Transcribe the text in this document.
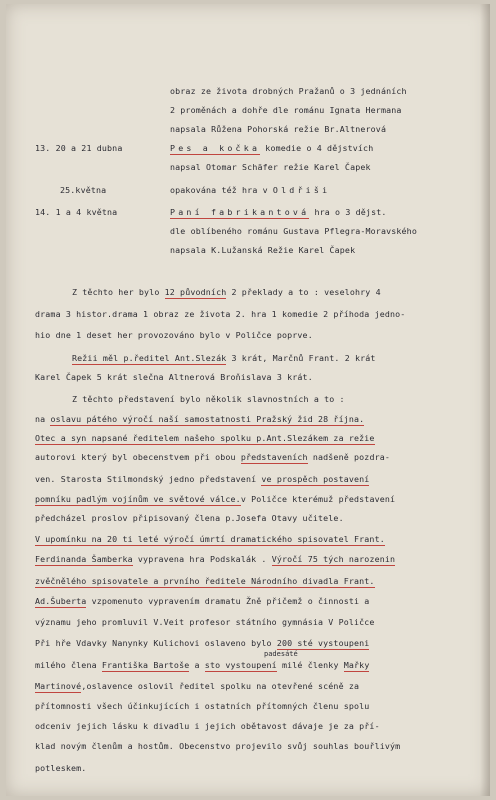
obraz ze života drobných Pražanů o 3 jednáních
2 proměnách a dohře dle románu Ignata Hermana
napsala Růžena Pohorská režie Br.Altnerová
13. 20 a 21 dubna	Pes a kočka komedie o 4 dějstvích
napsal Otomar Schäfer režie Karel Čapek
25.května	opakována též hra v Oldřiši
14. 1 a 4 května	Paní fabrikantová hra o 3 dějst.
dle oblíbeného románu Gustava Pflegra-Moravského
napsala K.Lužanská Režie Karel Čapek
Z těchto her bylo 12 původních 2 překlady a to : veselohry 4
drama 3 histor.drama 1 obraz ze života 2. hra 1 komedie 2 příhoda jedno-
hio dne 1 deset her provozováno bylo v Poličce poprve.
Režii měl p.ředitel Ant.Slezák 3 krát, Marčnů Frant. 2 krát
Karel Čapek 5 krát slečna Altnerová Broňislava 3 krát.
Z těchto představení bylo několik slavnostních a to :
na oslavu pátého výročí naší samostatnosti Pražský žid 28 října.
Otec a syn napsané ředitelem našeho spolku p.Ant.Slezákem za režie
autorovi který byl obecenstvem při obou představeních nadšeně pozdra-
ven. Starosta Stilmondský jedno představení ve prospěch postavení
pomníku padlým vojínům ve světové válce.v Poličce kterémuž představení
předcházel proslov připisovaný člena p.Josefa Otavy učitele.
V upomínku na 20 ti leté výročí úmrtí dramatického spisovatel Frant.
Ferdinanda Šamberka vypravena hra Podskalák . Výročí 75 tých narozenin
zvěčnělého spisovatele a prvního ředitele Národního divadla Frant.
Ad.Šuberta vzpomenuto vypravením dramatu Žně přičemž o činnosti a
významu jeho promluvil V.Veit profesor státního gymnásia V Poličce
Při hře Vdavky Nanynky Kulichovi oslaveno bylo 200 sté vystoupeni
padesáté
milého člena Františka Bartoše a sto vystoupení milé členky Mařky
Martinové,oslavence oslovil ředitel spolku na otevřené scéně za
přítomnosti všech účinkujících i ostatních přítomných členu spolu
odceniv jejich lásku k divadlu i jejich obětavost dávaje je za pří-
klad novým členům a hostům. Obecenstvo projevilo svůj souhlas bouřlivým
potleskem.
